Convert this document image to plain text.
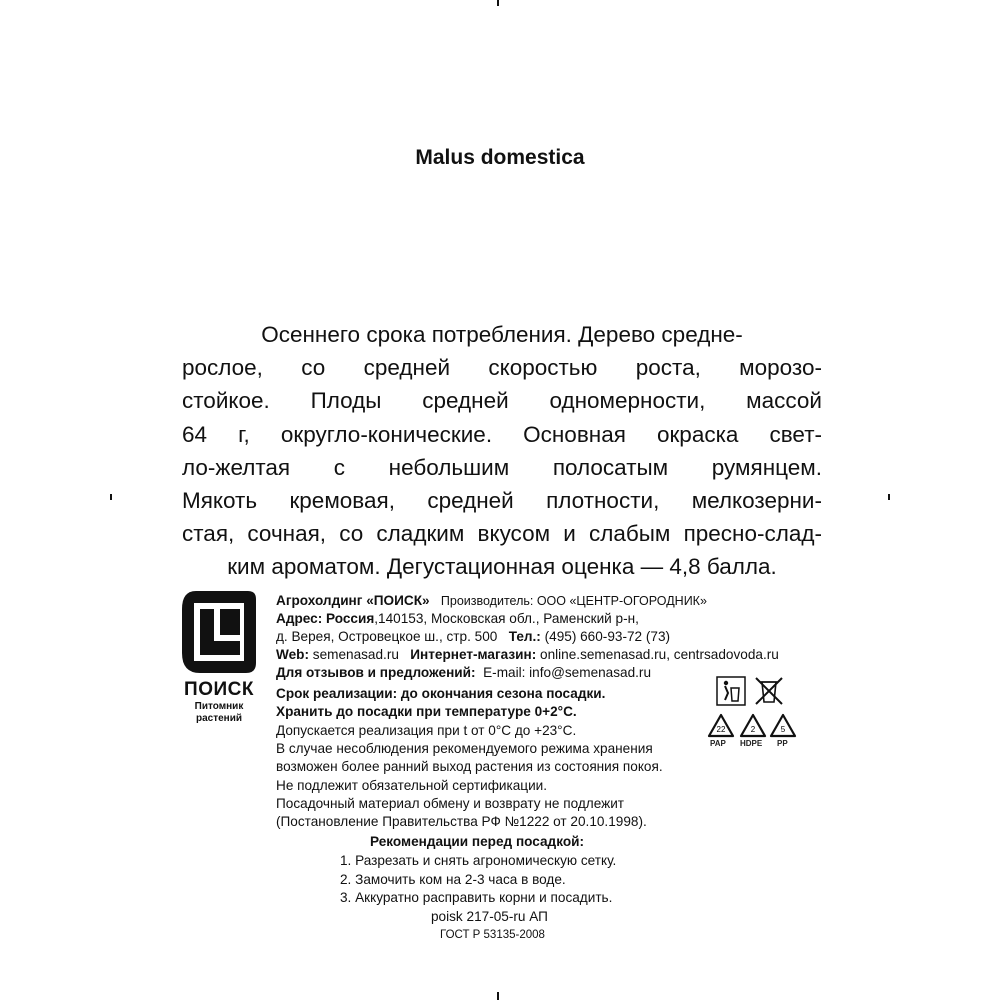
Malus domestica
Осеннего срока потребления. Дерево средне-
рослое, со средней скоростью роста, морозо-
стойкое. Плоды средней одномерности, массой
64 г, округло-конические. Основная окраска свет-
ло-желтая с небольшим полосатым румянцем.
Мякоть кремовая, средней плотности, мелкозерни-
стая, сочная, со сладким вкусом и слабым пресно-слад-
ким ароматом. Дегустационная оценка — 4,8 балла.
ПОИСК
Питомник
растений
Агрохолдинг «ПОИСК» Производитель: ООО «ЦЕНТР-ОГОРОДНИК»
Адрес: Россия,140153, Московская обл., Раменский р-н,
д. Верея, Островецкое ш., стр. 500 Тел.: (495) 660-93-72 (73)
Web: semenasad.ru Интернет-магазин: online.semenasad.ru, centrsadovoda.ru
Для отзывов и предложений: E-mail: info@semenasad.ru
Срок реализации: до окончания сезона посадки.
Хранить до посадки при температуре 0+2°С.
Допускается реализация при t от 0°С до +23°С.
В случае несоблюдения рекомендуемого режима хранения
возможен более ранний выход растения из состояния покоя.
Не подлежит обязательной сертификации.
Посадочный материал обмену и возврату не подлежит
(Постановление Правительства РФ №1222 от 20.10.1998).
22
PAP
2
HDPE
5
PP
Рекомендации перед посадкой:
1. Разрезать и снять агрономическую сетку.
2. Замочить ком на 2-3 часа в воде.
3. Аккуратно расправить корни и посадить.
poisk 217-05-ru АП
ГОСТ Р 53135-2008
